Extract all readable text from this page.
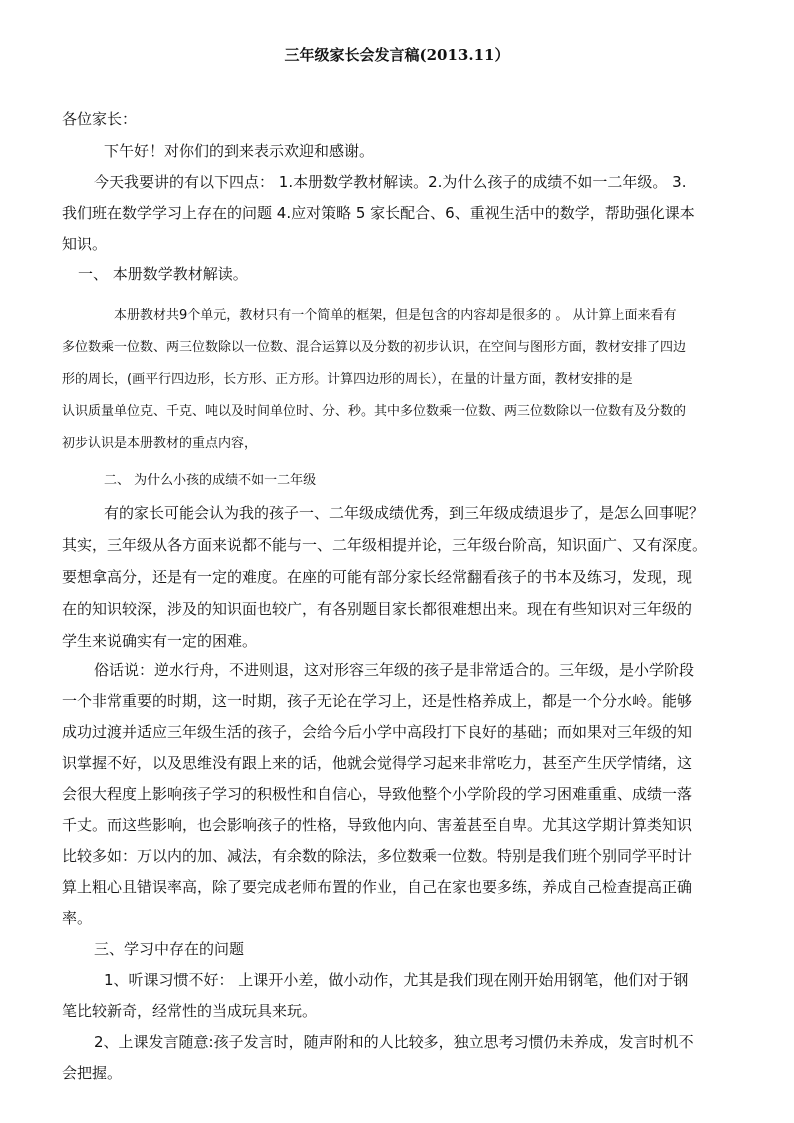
三年级家长会发言稿(2013.11）
各位家长：
下午好！对你们的到来表示欢迎和感谢。
今天我要讲的有以下四点： 1.本册数学教材解读。2.为什么孩子的成绩不如一二年级。 3.
我们班在数学学习上存在的问题 4.应对策略 5 家长配合、6、重视生活中的数学，帮助强化课本
知识。
一、 本册数学教材解读。
本册教材共9个单元，教材只有一个简单的框架，但是包含的内容却是很多的 。 从计算上面来看有
多位数乘一位数、两三位数除以一位数、混合运算以及分数的初步认识，在空间与图形方面，教材安排了四边
形的周长，(画平行四边形，长方形、正方形。计算四边形的周长），在量的计量方面，教材安排的是
认识质量单位克、千克、吨以及时间单位时、分、秒。其中多位数乘一位数、两三位数除以一位数有及分数的
初步认识是本册教材的重点内容，
二、 为什么小孩的成绩不如一二年级
有的家长可能会认为我的孩子一、二年级成绩优秀，到三年级成绩退步了，是怎么回事呢？
其实，三年级从各方面来说都不能与一、二年级相提并论，三年级台阶高，知识面广、又有深度。
要想拿高分，还是有一定的难度。在座的可能有部分家长经常翻看孩子的书本及练习，发现，现
在的知识较深，涉及的知识面也较广，有各别题目家长都很难想出来。现在有些知识对三年级的
学生来说确实有一定的困难。
俗话说：逆水行舟，不进则退，这对形容三年级的孩子是非常适合的。三年级，是小学阶段
一个非常重要的时期，这一时期，孩子无论在学习上，还是性格养成上，都是一个分水岭。能够
成功过渡并适应三年级生活的孩子，会给今后小学中高段打下良好的基础；而如果对三年级的知
识掌握不好，以及思维没有跟上来的话，他就会觉得学习起来非常吃力，甚至产生厌学情绪，这
会很大程度上影响孩子学习的积极性和自信心，导致他整个小学阶段的学习困难重重、成绩一落
千丈。而这些影响，也会影响孩子的性格，导致他内向、害羞甚至自卑。尤其这学期计算类知识
比较多如：万以内的加、减法，有余数的除法，多位数乘一位数。特别是我们班个别同学平时计
算上粗心且错误率高，除了要完成老师布置的作业，自己在家也要多练，养成自己检查提高正确
率。
三、学习中存在的问题
1、听课习惯不好： 上课开小差，做小动作，尤其是我们现在刚开始用钢笔，他们对于钢
笔比较新奇，经常性的当成玩具来玩。
2、上课发言随意:孩子发言时，随声附和的人比较多，独立思考习惯仍未养成，发言时机不
会把握。
